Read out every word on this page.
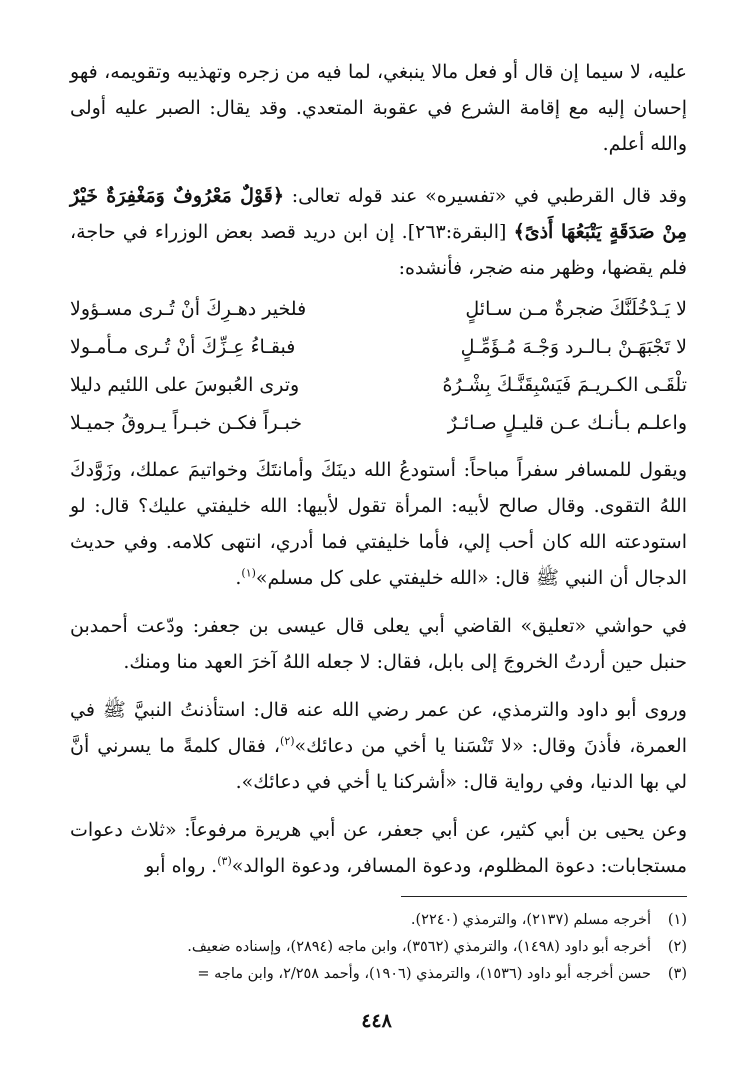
عليه، لا سيما إن قال أو فعل مالا ينبغي، لما فيه من زجره وتهذيبه وتقويمه، فهو إحسان إليه مع إقامة الشرع في عقوبة المتعدي. وقد يقال: الصبر عليه أولى والله أعلم.

وقد قال القرطبي في «تفسيره» عند قوله تعالى: ﴿قَوْلٌ مَعْرُوفٌ وَمَغْفِرَةٌ خَيْرٌ مِنْ صَدَقَةٍ يَتْبَعُهَا أَذىً﴾ [البقرة:٢٦٣]. إن ابن دريد قصد بعض الوزراء في حاجة، فلم يقضها، وظهر منه ضجر، فأنشده:

لا يَـدْخُلَنَّكَ ضجرةٌ مـن سـائلٍ
فلخير دهـرِكَ أنْ تُـرى مسـؤولا
لا تَجْبَهَـنْ بـالـرد وَجْـهَ مُـؤَمِّـلٍ
فبقـاءُ عِـزِّكَ أنْ تُـرى مـأمـولا
تلْقَـى الكـريـمَ فَيَسْبِقَنَّـكَ بِشْـرُهُ
وترى العُبوسَ على اللئيم دليلا
واعلـم بـأنـك عـن قليـلٍ صـائـرٌ
خبـراً فكـن خبـراً يـروقُ جميـلا

ويقول للمسافر سفراً مباحاً: أستودعُ الله دينَكَ وأمانتَكَ وخواتيمَ عملك، وزَوَّدكَ اللهُ التقوى. وقال صالح لأبيه: المرأة تقول لأبيها: الله خليفتي عليك؟ قال: لو استودعته الله كان أحب إلي، فأما خليفتي فما أدري، انتهى كلامه. وفي حديث الدجال أن النبي ﷺ قال: «الله خليفتي على كل مسلم»$^{(١)}$.

في حواشي «تعليق» القاضي أبي يعلى قال عيسى بن جعفر: ودّعت أحمدبن حنبل حين أردتُ الخروجَ إلى بابل، فقال: لا جعله اللهُ آخرَ العهد منا ومنك.

وروى أبو داود والترمذي، عن عمر رضي الله عنه قال: استأذنتُ النبيَّ ﷺ في العمرة، فأذنَ وقال: «لا تَنْسَنا يا أخي من دعائك»$^{(٢)}$، فقال كلمةً ما يسرني أنَّ لي بها الدنيا، وفي رواية قال: «أشركنا يا أخي في دعائك».

وعن يحيى بن أبي كثير، عن أبي جعفر، عن أبي هريرة مرفوعاً: «ثلاث دعوات مستجابات: دعوة المظلوم، ودعوة المسافر، ودعوة الوالد»$^{(٣)}$. رواه أبو

(١)أخرجه مسلم (٢١٣٧)، والترمذي (٢٢٤٠).

(٢)أخرجه أبو داود (١٤٩٨)، والترمذي (٣٥٦٢)، وابن ماجه (٢٨٩٤)، وإسناده ضعيف.

(٣)حسن أخرجه أبو داود (١٥٣٦)، والترمذي (١٩٠٦)، وأحمد ٢/٢٥٨، وابن ماجه =

٤٤٨
